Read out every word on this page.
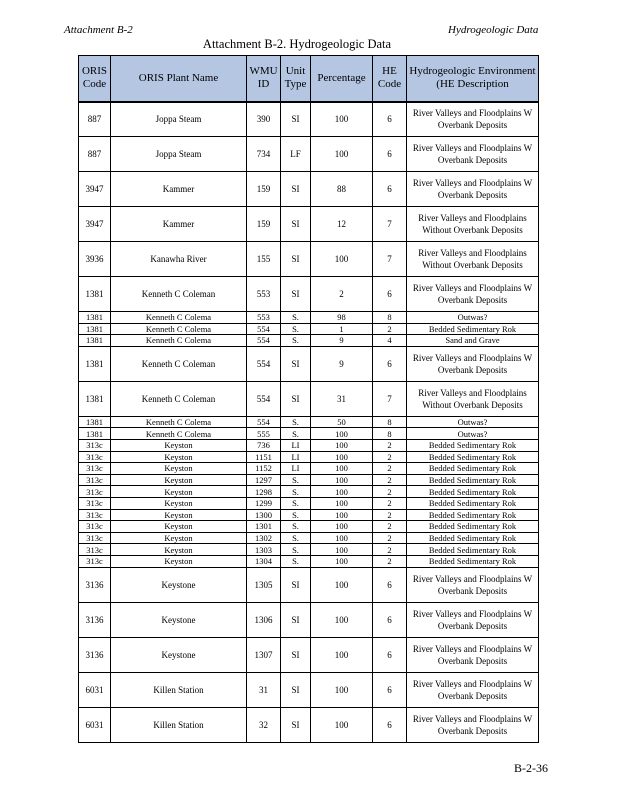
Attachment B-2	Hydrogeologic Data
Attachment B-2. Hydrogeologic Data
ORIS Code	ORIS Plant Name	WMU ID	Unit Type	Percentage	HE Code	Hydrogeologic Environment (HE Description
887	Joppa Steam	390	SI	100	6	River Valleys and Floodplains W
Overbank Deposits

887	Joppa Steam	734	LF	100	6	River Valleys and Floodplains W
Overbank Deposits

3947	Kammer	159	SI	88	6	River Valleys and Floodplains W
Overbank Deposits

3947	Kammer	159	SI	12	7	River Valleys and Floodplains
Without Overbank Deposits

3936	Kanawha River	155	SI	100	7	River Valleys and Floodplains
Without Overbank Deposits

1381	Kenneth C Coleman	553	SI	2	6	River Valleys and Floodplains W
Overbank Deposits

1381	Kenneth C Colema	553	S.	98	8	Outwas?

1381	Kenneth C Colema	554	S.	1	2	Bedded Sedimentary Rok

1381	Kenneth C Colema	554	S.	9	4	Sand and Grave

1381	Kenneth C Coleman	554	SI	9	6	River Valleys and Floodplains W
Overbank Deposits

1381	Kenneth C Coleman	554	SI	31	7	River Valleys and Floodplains
Without Overbank Deposits

1381	Kenneth C Colema	554	S.	50	8	Outwas?

1381	Kenneth C Colema	555	S.	100	8	Outwas?

313c	Keyston	736	LI	100	2	Bedded Sedimentary Rok

313c	Keyston	1151	LI	100	2	Bedded Sedimentary Rok

313c	Keyston	1152	LI	100	2	Bedded Sedimentary Rok

313c	Keyston	1297	S.	100	2	Bedded Sedimentary Rok

313c	Keyston	1298	S.	100	2	Bedded Sedimentary Rok

313c	Keyston	1299	S.	100	2	Bedded Sedimentary Rok

313c	Keyston	1300	S.	100	2	Bedded Sedimentary Rok

313c	Keyston	1301	S.	100	2	Bedded Sedimentary Rok

313c	Keyston	1302	S.	100	2	Bedded Sedimentary Rok

313c	Keyston	1303	S.	100	2	Bedded Sedimentary Rok

313c	Keyston	1304	S.	100	2	Bedded Sedimentary Rok

3136	Keystone	1305	SI	100	6	River Valleys and Floodplains W
Overbank Deposits

3136	Keystone	1306	SI	100	6	River Valleys and Floodplains W
Overbank Deposits

3136	Keystone	1307	SI	100	6	River Valleys and Floodplains W
Overbank Deposits

6031	Killen Station	31	SI	100	6	River Valleys and Floodplains W
Overbank Deposits

6031	Killen Station	32	SI	100	6	River Valleys and Floodplains W
Overbank Deposits
B-2-36
